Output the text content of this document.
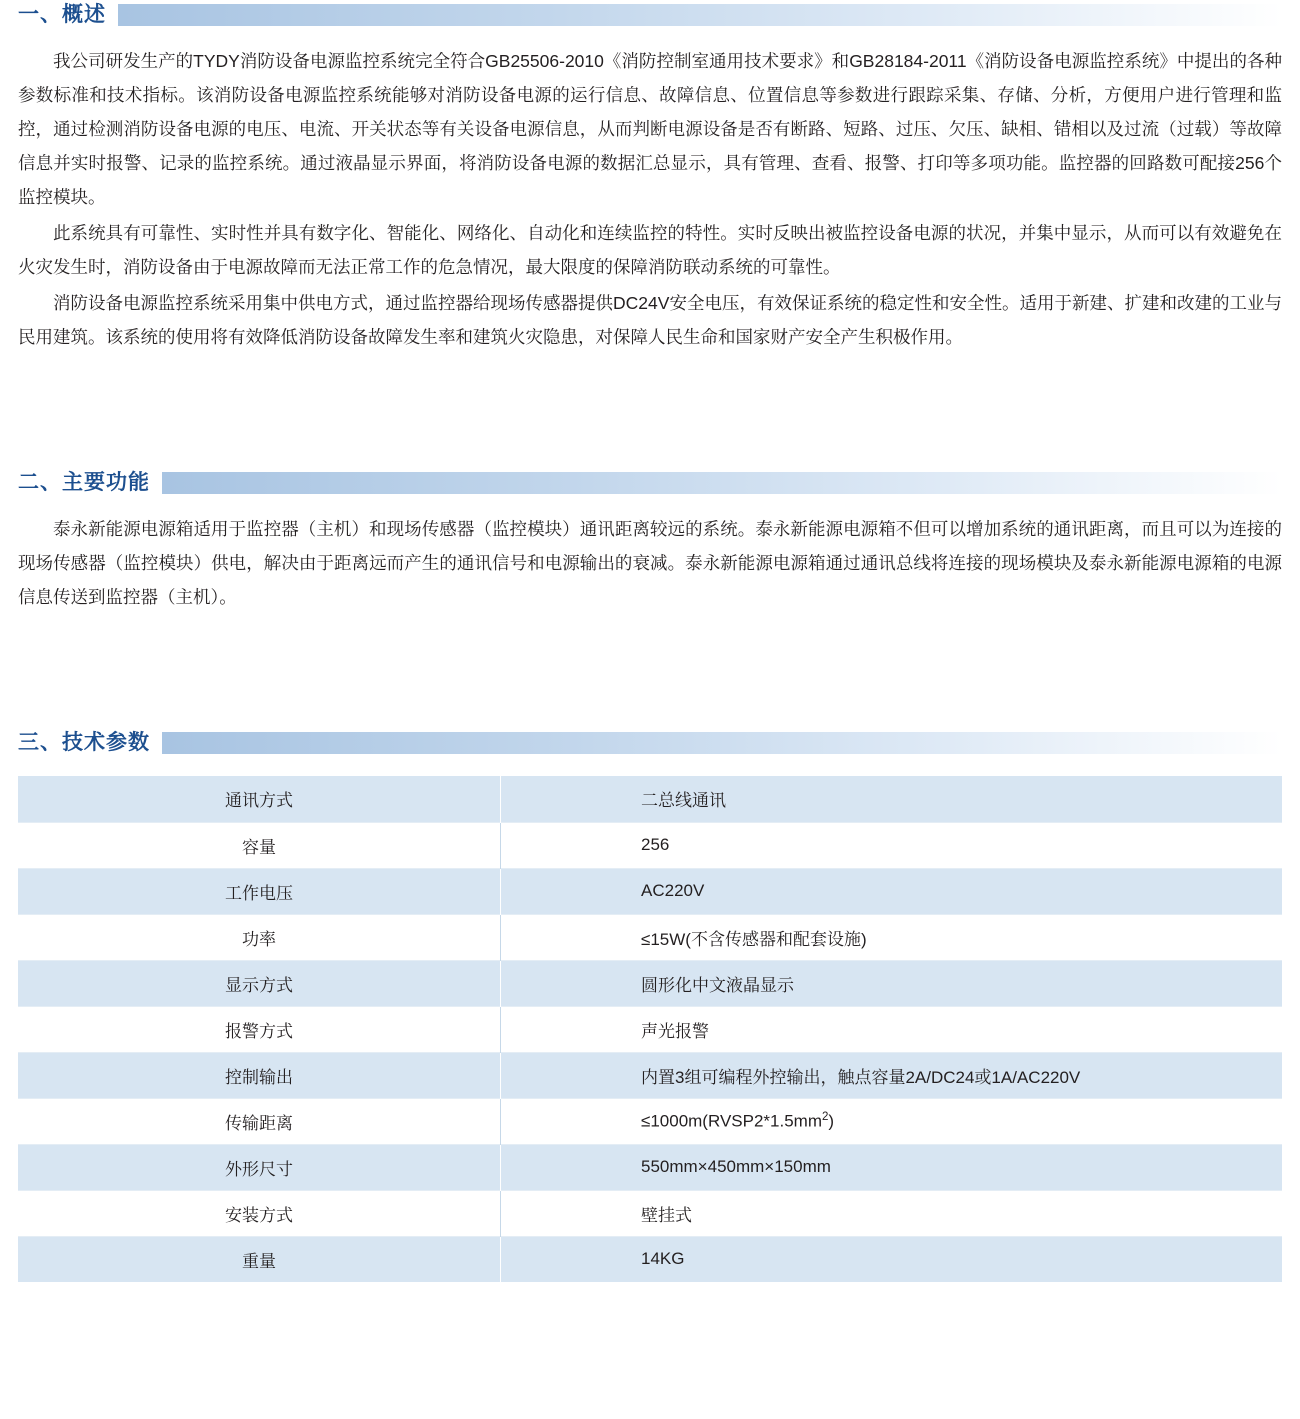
一、概述

我公司研发生产的TYDY消防设备电源监控系统完全符合GB25506-2010《消防控制室通用技术要求》和GB28184-2011《消防设备电源监控系统》中提出的各种参数标准和技术指标。该消防设备电源监控系统能够对消防设备电源的运行信息、故障信息、位置信息等参数进行跟踪采集、存储、分析，方便用户进行管理和监控，通过检测消防设备电源的电压、电流、开关状态等有关设备电源信息，从而判断电源设备是否有断路、短路、过压、欠压、缺相、错相以及过流（过载）等故障信息并实时报警、记录的监控系统。通过液晶显示界面，将消防设备电源的数据汇总显示，具有管理、查看、报警、打印等多项功能。监控器的回路数可配接256个监控模块。

此系统具有可靠性、实时性并具有数字化、智能化、网络化、自动化和连续监控的特性。实时反映出被监控设备电源的状况，并集中显示，从而可以有效避免在火灾发生时，消防设备由于电源故障而无法正常工作的危急情况，最大限度的保障消防联动系统的可靠性。

消防设备电源监控系统采用集中供电方式，通过监控器给现场传感器提供DC24V安全电压，有效保证系统的稳定性和安全性。适用于新建、扩建和改建的工业与民用建筑。该系统的使用将有效降低消防设备故障发生率和建筑火灾隐患，对保障人民生命和国家财产安全产生积极作用。

二、主要功能

泰永新能源电源箱适用于监控器（主机）和现场传感器（监控模块）通讯距离较远的系统。泰永新能源电源箱不但可以增加系统的通讯距离，而且可以为连接的现场传感器（监控模块）供电，解决由于距离远而产生的通讯信号和电源输出的衰减。泰永新能源电源箱通过通讯总线将连接的现场模块及泰永新能源电源箱的电源信息传送到监控器（主机）。

三、技术参数
通讯方式	二总线通讯
容量	256
工作电压	AC220V
功率	≤15W(不含传感器和配套设施)
显示方式	圆形化中文液晶显示
报警方式	声光报警
控制输出	内置3组可编程外控输出，触点容量2A/DC24或1A/AC220V
传输距离	$\le 1000m(RVSP2*1.5mm^2)$
外形尺寸	550mm×450mm×150mm
安装方式	壁挂式
重量	14KG
